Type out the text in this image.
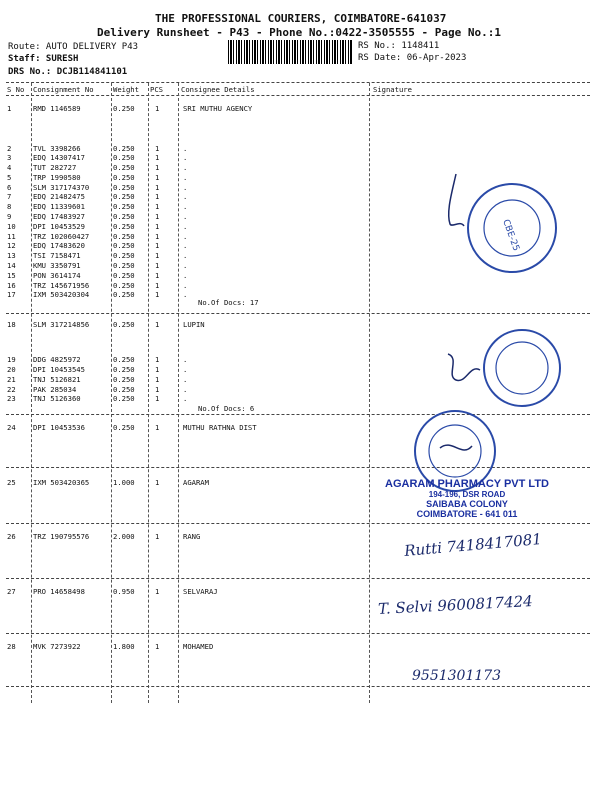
THE PROFESSIONAL COURIERS, COIMBATORE-641037
Delivery Runsheet - P43 - Phone No.:0422-3505555 - Page No.:1
Route: AUTO DELIVERY P43
Staff: SURESH
DRS No.: DCJB114841101
RS No.: 1148411
RS Date: 06-Apr-2023
S No Consignment No	Weight PCS	Consignee Details	Signature
1	RMD 1146589	0.250	1	SRI MUTHU AGENCY
2	TVL 3398266	0.250	1	.
3	EDQ 14307417	0.250	1	.
4	TUT 282727	0.250	1	.
5	TRP 1990580	0.250	1	.
6	SLM 317174370	0.250	1	.
7	EDQ 21482475	0.250	1	.
8	EDQ 11339601	0.250	1	.
9	EDQ 17483927	0.250	1	.
10 DPI 10453529	0.250	1	.
11 TRZ 102060427	0.250	1	.
12 EDQ 17483620	0.250	1	.
13 TSI 7158471	0.250	1	.
14 KMU 3350791	0.250	1	.
15 PON 3614174	0.250	1	.
16 TRZ 145671956	0.250	1	.
17 IXM 503420304	0.250	1	.
No.Of Docs: 17
18 SLM 317214856	0.250	1	LUPIN
19 DDG 4825972	0.250	1	.
20 DPI 10453545	0.250	1	.
21 TNJ 5126821	0.250	1	.
22 PAK 285034	0.250	1	.
23 TNJ 5126360	0.250	1	.
No.Of Docs: 6
24 DPI 10453536	0.250	1	MUTHU RATHNA DIST
25 IXM 503420365	1.000	1	AGARAM
26 TRZ 190795576	2.000	1	RANG
27 PRO 14658498	0.950	1	SELVARAJ
28 MVK 7273922	1.800	1	MOHAMED
CBE-25
AGARAM PHARMACY PVT LTD
194-196, DSR ROAD
SAIBABA COLONY
COIMBATORE - 641 011
Rutti 7418417081
T. Selvi 9600817424
9551301173
